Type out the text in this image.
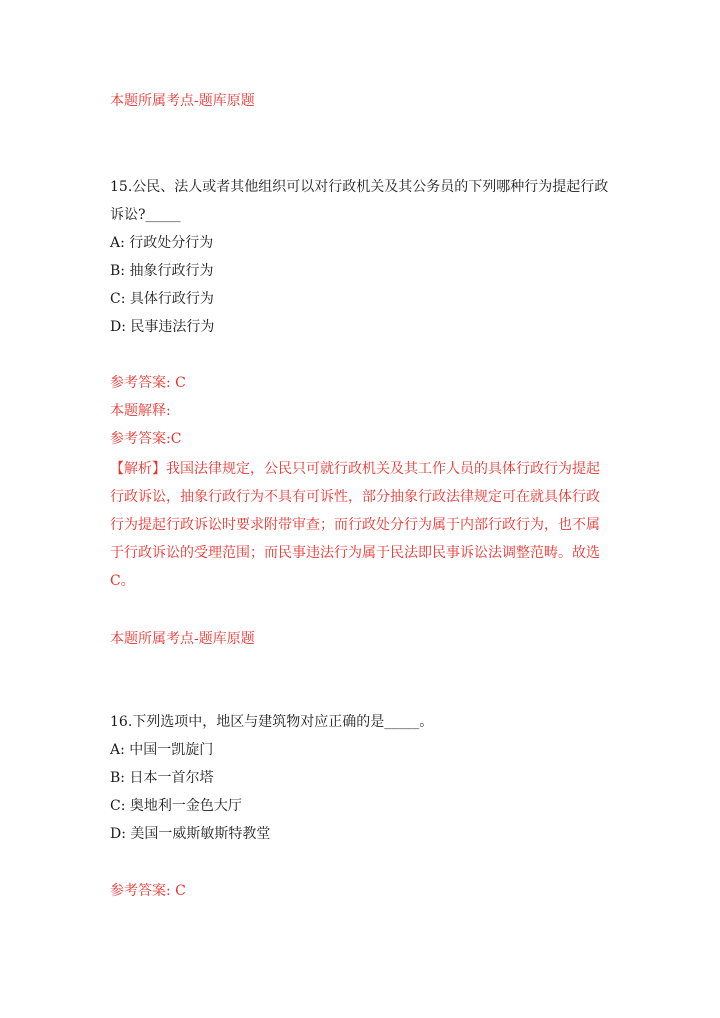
本题所属考点-题库原题
15.公民、法人或者其他组织可以对行政机关及其公务员的下列哪种行为提起行政诉讼?_____
A: 行政处分行为
B: 抽象行政行为
C: 具体行政行为
D: 民事违法行为
参考答案: C
本题解释:
参考答案:C
【解析】我国法律规定，公民只可就行政机关及其工作人员的具体行政行为提起行政诉讼，抽象行政行为不具有可诉性，部分抽象行政法律规定可在就具体行政行为提起行政诉讼时要求附带审查；而行政处分行为属于内部行政行为，也不属于行政诉讼的受理范围；而民事违法行为属于民法即民事诉讼法调整范畴。故选C。
本题所属考点-题库原题
16.下列选项中，地区与建筑物对应正确的是_____。
A: 中国一凯旋门
B: 日本一首尔塔
C: 奥地利一金色大厅
D: 美国一威斯敏斯特教堂
参考答案: C
